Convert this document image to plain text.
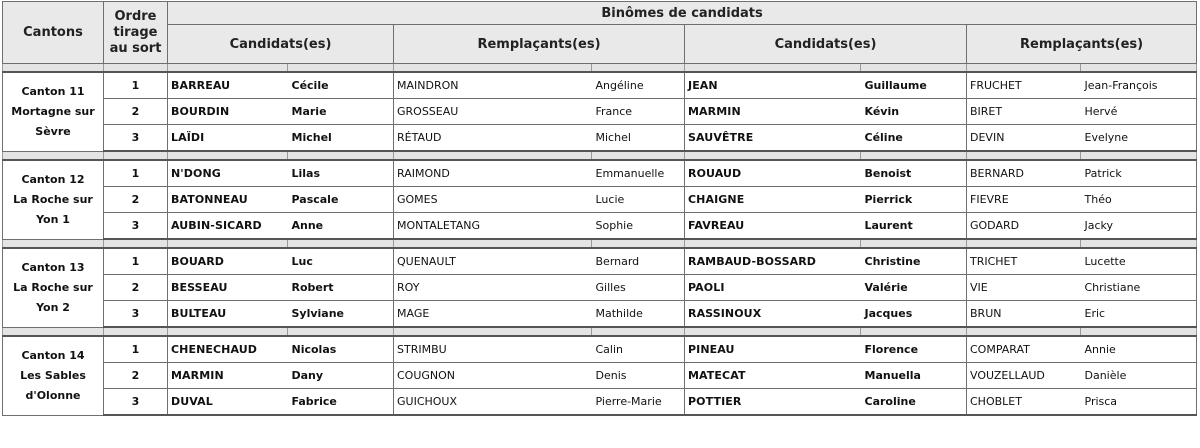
Cantons	Ordre
tirage
au sort	Binômes de candidats							
		Candidats(es)		Remplaçants(es)		Candidats(es)		Remplaçants(es)	

Canton 11
Mortagne sur
Sèvre	1	BARREAU	Cécile	MAINDRON	Angéline	JEAN	Guillaume	FRUCHET	Jean-François
	2	BOURDIN	Marie	GROSSEAU	France	MARMIN	Kévin	BIRET	Hervé
	3	LAÏDI	Michel	RÉTAUD	Michel	SAUVÊTRE	Céline	DEVIN	Evelyne

Canton 12
La Roche sur
Yon 1	1	N'DONG	Lilas	RAIMOND	Emmanuelle	ROUAUD	Benoist	BERNARD	Patrick
	2	BATONNEAU	Pascale	GOMES	Lucie	CHAIGNE	Pierrick	FIEVRE	Théo
	3	AUBIN-SICARD	Anne	MONTALETANG	Sophie	FAVREAU	Laurent	GODARD	Jacky

Canton 13
La Roche sur
Yon 2	1	BOUARD	Luc	QUENAULT	Bernard	RAMBAUD-BOSSARD	Christine	TRICHET	Lucette
	2	BESSEAU	Robert	ROY	Gilles	PAOLI	Valérie	VIE	Christiane
	3	BULTEAU	Sylviane	MAGE	Mathilde	RASSINOUX	Jacques	BRUN	Eric

Canton 14
Les Sables
d'Olonne	1	CHENECHAUD	Nicolas	STRIMBU	Calin	PINEAU	Florence	COMPARAT	Annie
	2	MARMIN	Dany	COUGNON	Denis	MATECAT	Manuella	VOUZELLAUD	Danièle
	3	DUVAL	Fabrice	GUICHOUX	Pierre-Marie	POTTIER	Caroline	CHOBLET	Prisca
